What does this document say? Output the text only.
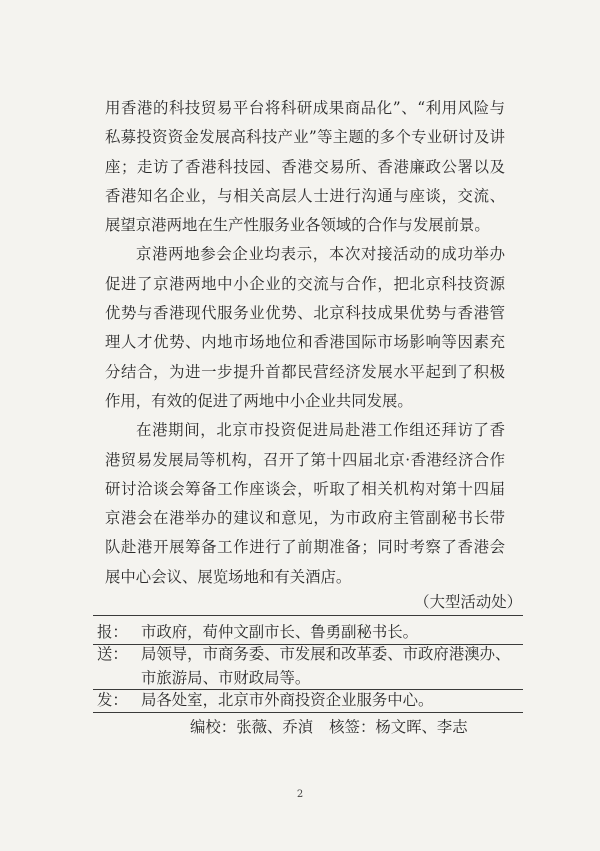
用香港的科技贸易平台将科研成果商品化”、“利用风险与私募投资资金发展高科技产业”等主题的多个专业研讨及讲座；走访了香港科技园、香港交易所、香港廉政公署以及香港知名企业，与相关高层人士进行沟通与座谈，交流、展望京港两地在生产性服务业各领域的合作与发展前景。

京港两地参会企业均表示，本次对接活动的成功举办促进了京港两地中小企业的交流与合作，把北京科技资源优势与香港现代服务业优势、北京科技成果优势与香港管理人才优势、内地市场地位和香港国际市场影响等因素充分结合，为进一步提升首都民营经济发展水平起到了积极作用，有效的促进了两地中小企业共同发展。

在港期间，北京市投资促进局赴港工作组还拜访了香港贸易发展局等机构，召开了第十四届北京·香港经济合作研讨洽谈会筹备工作座谈会，听取了相关机构对第十四届京港会在港举办的建议和意见，为市政府主管副秘书长带队赴港开展筹备工作进行了前期准备；同时考察了香港会展中心会议、展览场地和有关酒店。

（大型活动处）
报： 市政府，荀仲文副市长、鲁勇副秘书长。
送： 局领导，市商务委、市发展和改革委、市政府港澳办、市旅游局、市财政局等。
发： 局各处室，北京市外商投资企业服务中心。
编校：张薇、乔湞 核签：杨文晖、李志
2
